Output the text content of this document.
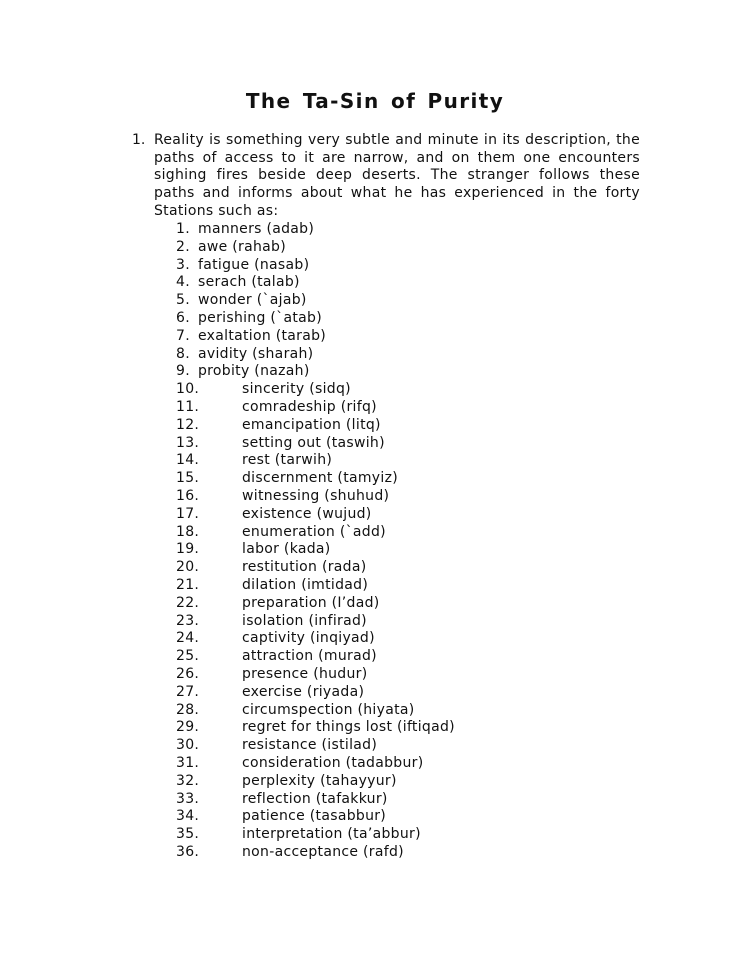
The Ta-Sin of Purity
1. Reality is something very subtle and minute in its description, the paths of access to it are narrow, and on them one encounters sighing fires beside deep deserts. The stranger follows these paths and informs about what he has experienced in the forty Stations such as:
1. manners (adab)
2. awe (rahab)
3. fatigue (nasab)
4. serach (talab)
5. wonder (`ajab)
6. perishing (`atab)
7. exaltation (tarab)
8. avidity (sharah)
9. probity (nazah)
10.	sincerity (sidq)
11.	comradeship (rifq)
12.	emancipation (litq)
13.	setting out (taswih)
14.	rest (tarwih)
15.	discernment (tamyiz)
16.	witnessing (shuhud)
17.	existence (wujud)
18.	enumeration (`add)
19.	labor (kada)
20.	restitution (rada)
21.	dilation (imtidad)
22.	preparation (I’dad)
23.	isolation (infirad)
24.	captivity (inqiyad)
25.	attraction (murad)
26.	presence (hudur)
27.	exercise (riyada)
28.	circumspection (hiyata)
29.	regret for things lost (iftiqad)
30.	resistance (istilad)
31.	consideration (tadabbur)
32.	perplexity (tahayyur)
33.	reflection (tafakkur)
34.	patience (tasabbur)
35.	interpretation (ta’abbur)
36.	non-acceptance (rafd)
